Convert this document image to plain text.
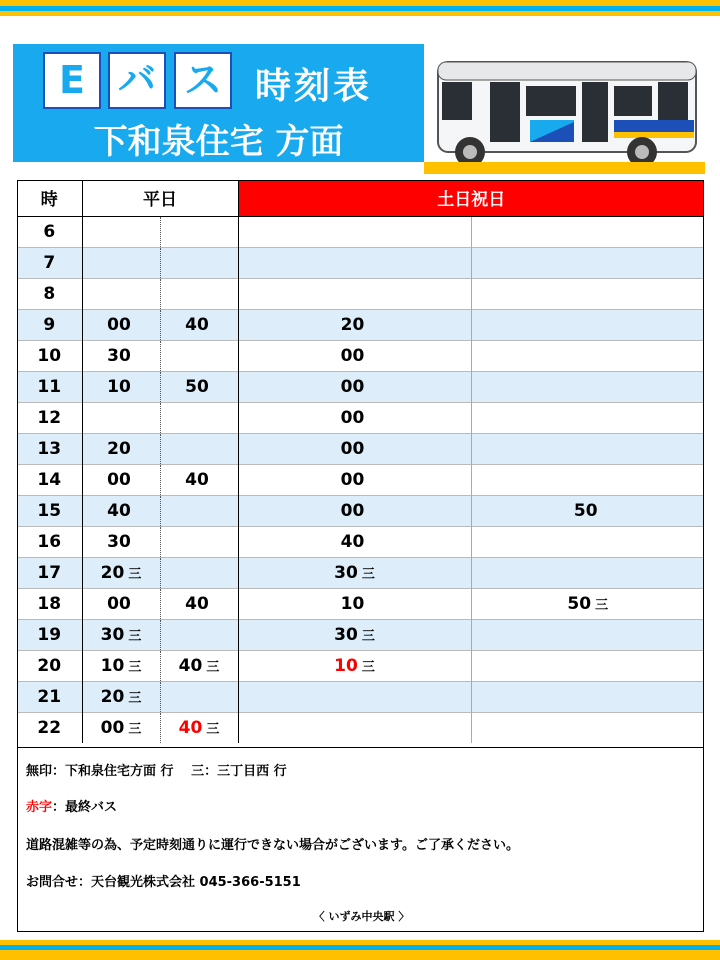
E バ ス 時刻表
下和泉住宅 方面
時	平日		土日祝日	
6				
7				
8				
9	00	40	20	
10	30		00	
11	10	50	00	
12			00	
13	20		00	
14	00	40	00	
15	40		00	50
16	30		40	
17	20 三		30 三	
18	00	40	10	50 三
19	30 三		30 三	
20	10 三	40 三	10 三	
21	20 三			
22	00 三	40 三		
無印：下和泉住宅方面 行　 三：三丁目西 行
赤字：最終バス
道路混雑等の為、予定時刻通りに運行できない場合がございます。ご了承ください。
お問合せ：天台観光株式会社 045-366-5151
〈 いずみ中央駅 〉
